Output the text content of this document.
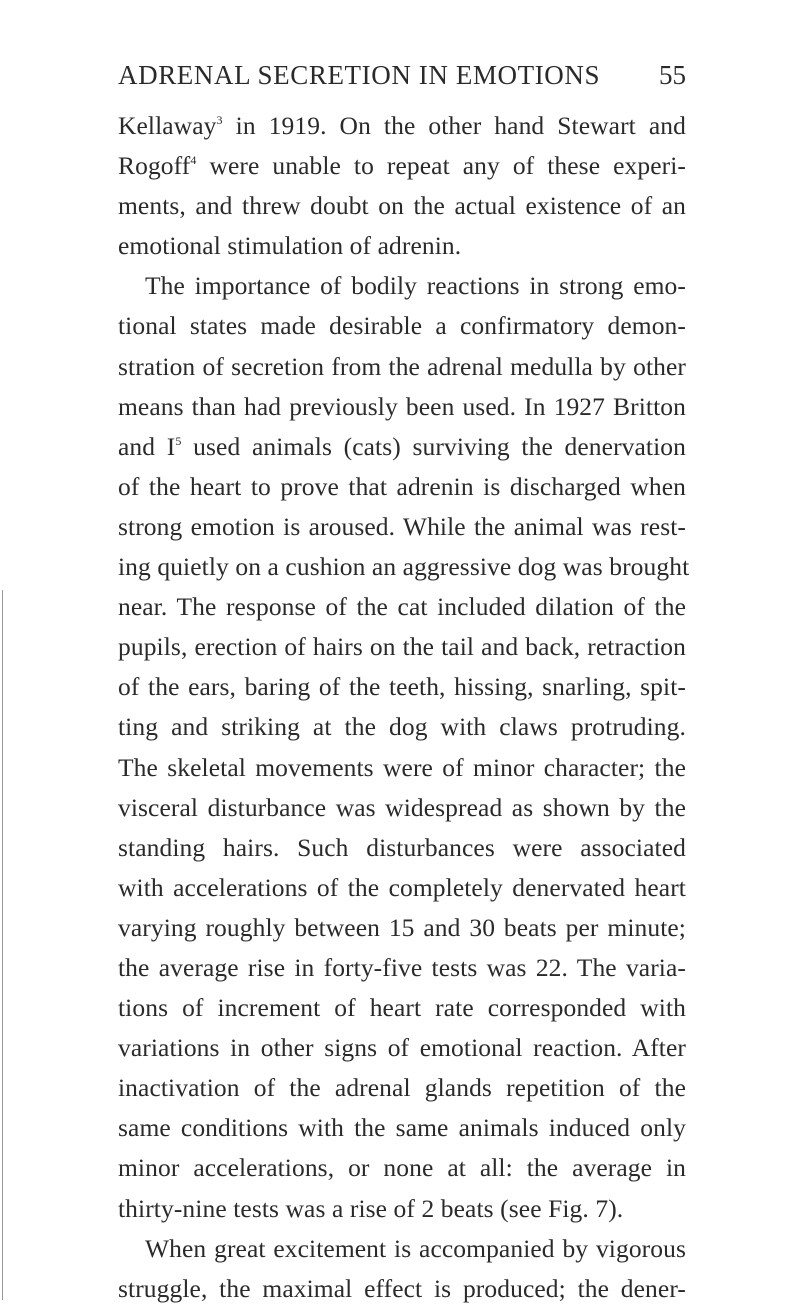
ADRENAL SECRETION IN EMOTIONS 55
Kellaway$^3$ in 1919. On the other hand Stewart and
Rogoff$^4$ were unable to repeat any of these experi-
ments, and threw doubt on the actual existence of an
emotional stimulation of adrenin.
The importance of bodily reactions in strong emo-
tional states made desirable a confirmatory demon-
stration of secretion from the adrenal medulla by other
means than had previously been used. In 1927 Britton
and $I^5$ used animals (cats) surviving the denervation
of the heart to prove that adrenin is discharged when
strong emotion is aroused. While the animal was rest-
ing quietly on a cushion an aggressive dog was brought
near. The response of the cat included dilation of the
pupils, erection of hairs on the tail and back, retraction
of the ears, baring of the teeth, hissing, snarling, spit-
ting and striking at the dog with claws protruding.
The skeletal movements were of minor character; the
visceral disturbance was widespread as shown by the
standing hairs. Such disturbances were associated
with accelerations of the completely denervated heart
varying roughly between 15 and 30 beats per minute;
the average rise in forty-five tests was 22. The varia-
tions of increment of heart rate corresponded with
variations in other signs of emotional reaction. After
inactivation of the adrenal glands repetition of the
same conditions with the same animals induced only
minor accelerations, or none at all: the average in
thirty-nine tests was a rise of 2 beats (see Fig. 7).
When great excitement is accompanied by vigorous
struggle, the maximal effect is produced; the dener-
